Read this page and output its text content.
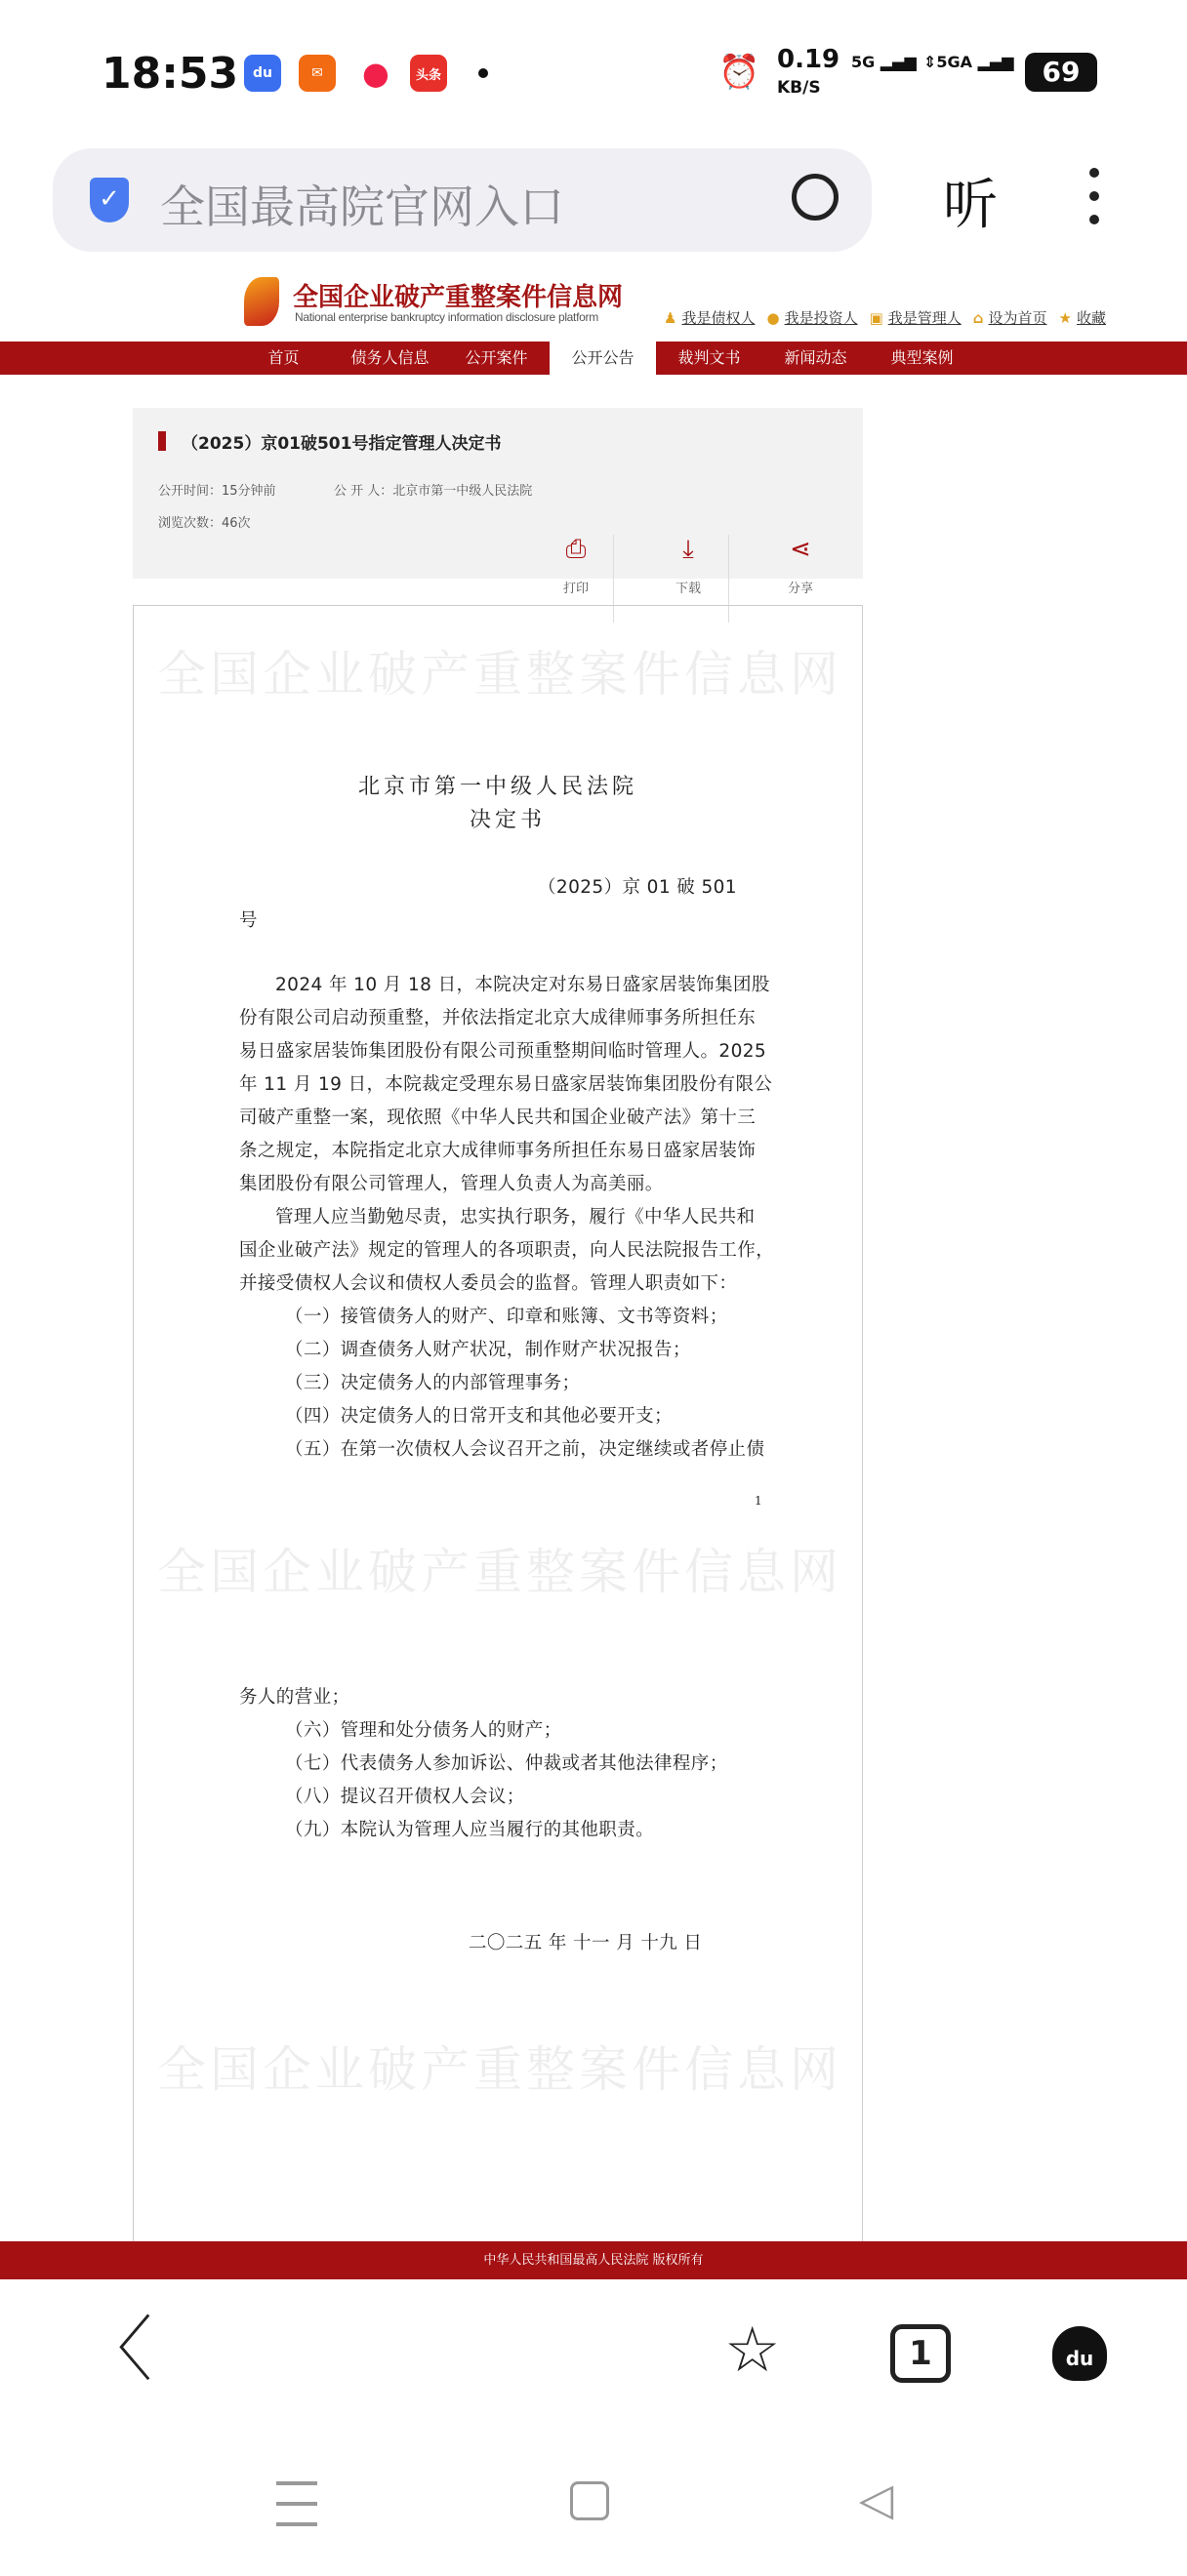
18:53	du	✉	●	头条	⏰ 0.19
KB/S
5G ▂▄▆ ⇕5GA ▂▄▆	69
✓ 全国最高院官网入口	听
全国企业破产重整案件信息网
National enterprise bankruptcy information disclosure platform	♟ 我是债权人 ● 我是投资人 ▣ 我是管理人 ⌂ 设为首页 ★ 收藏
首页	债务人信息	公开案件	公开公告	裁判文书	新闻动态	典型案例
（2025）京01破501号指定管理人决定书
公开时间：15分钟前	公 开 人：北京市第一中级人民法院
浏览次数：46次
⎙
打印
⤓
下载
⋖
分享
全国企业破产重整案件信息网
全国企业破产重整案件信息网
全国企业破产重整案件信息网
北京市第一中级人民法院
决定书
（2025）京 01 破 501
号
2024 年 10 月 18 日，本院决定对东易日盛家居装饰集团股
份有限公司启动预重整，并依法指定北京大成律师事务所担任东
易日盛家居装饰集团股份有限公司预重整期间临时管理人。2025
年 11 月 19 日，本院裁定受理东易日盛家居装饰集团股份有限公
司破产重整一案，现依照《中华人民共和国企业破产法》第十三
条之规定，本院指定北京大成律师事务所担任东易日盛家居装饰
集团股份有限公司管理人，管理人负责人为高美丽。
管理人应当勤勉尽责，忠实执行职务，履行《中华人民共和
国企业破产法》规定的管理人的各项职责，向人民法院报告工作，
并接受债权人会议和债权人委员会的监督。管理人职责如下：
（一）接管债务人的财产、印章和账簿、文书等资料；
（二）调查债务人财产状况，制作财产状况报告；
（三）决定债务人的内部管理事务；
（四）决定债务人的日常开支和其他必要开支；
（五）在第一次债权人会议召开之前，决定继续或者停止债
1
务人的营业；
（六）管理和处分债务人的财产；
（七）代表债务人参加诉讼、仲裁或者其他法律程序；
（八）提议召开债权人会议；
（九）本院认为管理人应当履行的其他职责。
二〇二五 年 十一 月 十九 日
中华人民共和国最高人民法院 版权所有
〈	☆	1	du
◁
